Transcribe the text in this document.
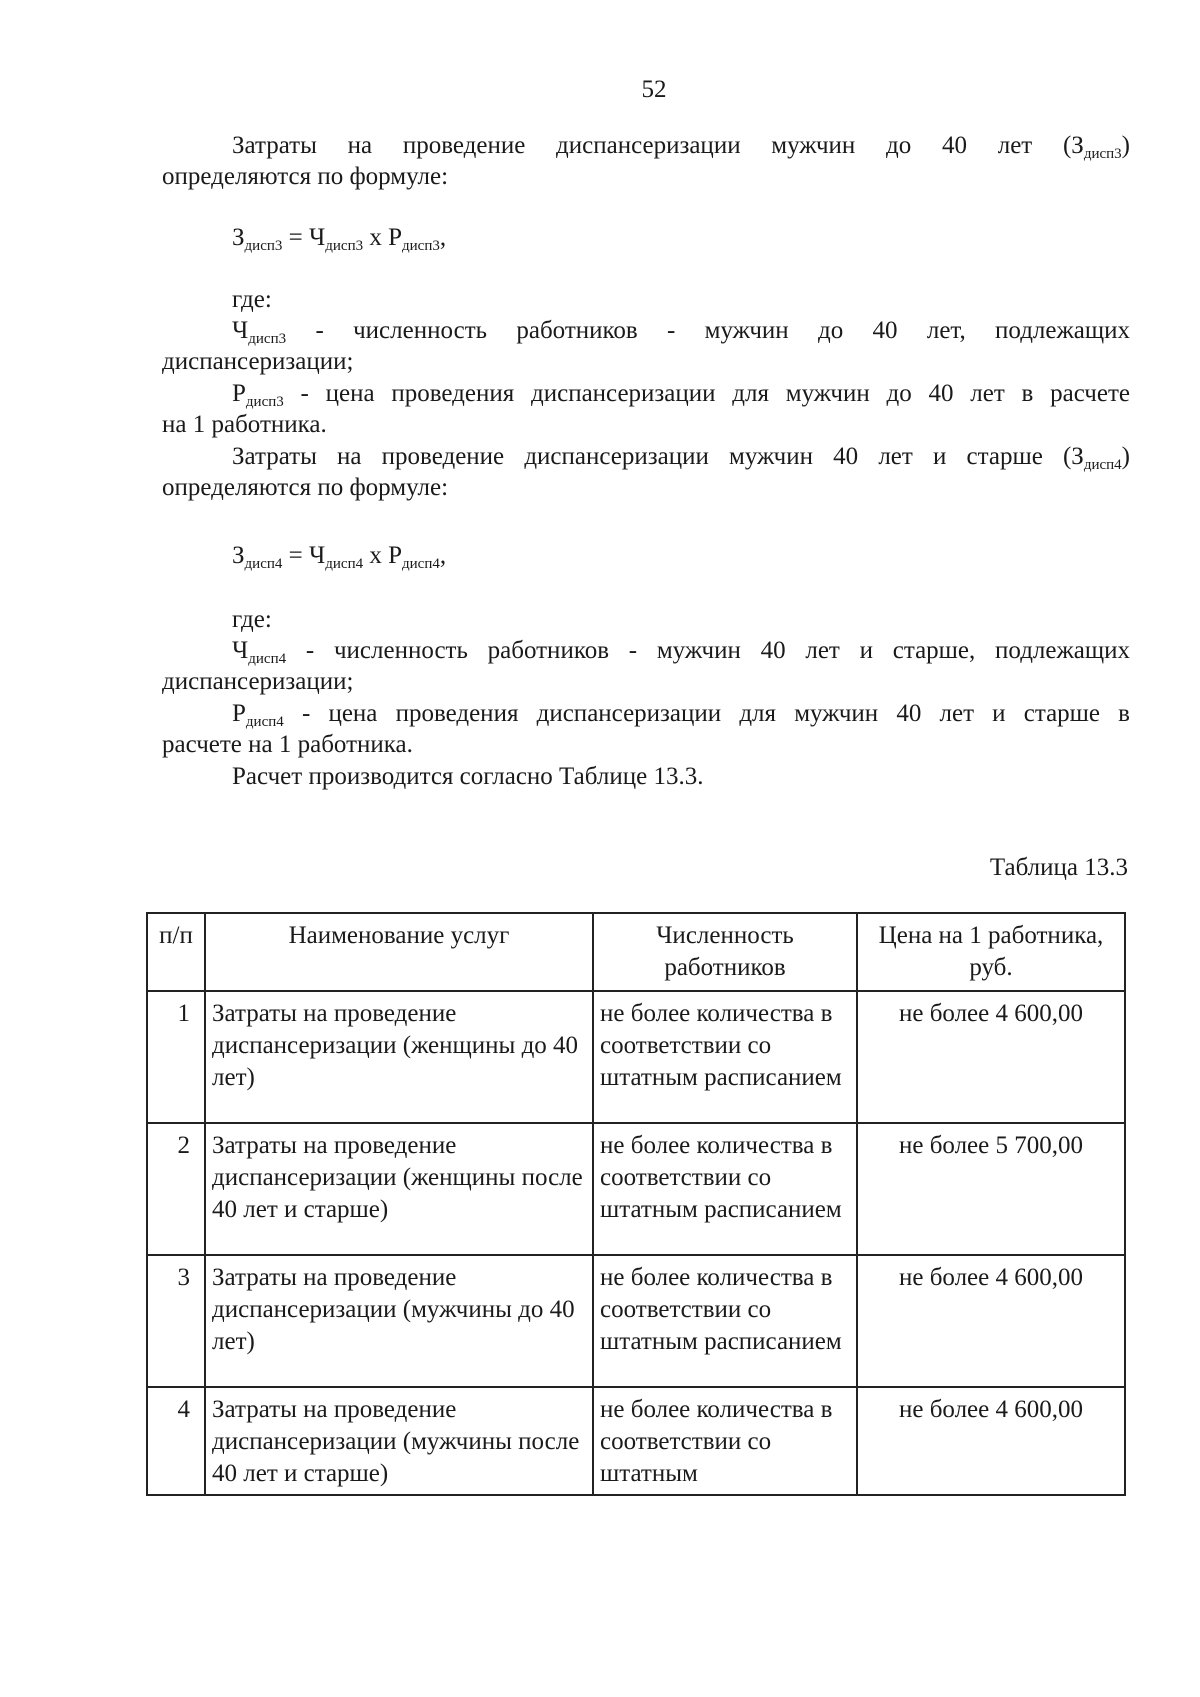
52
Затраты на проведение диспансеризации мужчин до 40 лет $(З_{дисп3})$
определяются по формуле:
$З_{дисп3} = Ч_{дисп3}$ х $Р_{дисп3}$,
где:
$Ч_{дисп3}$ - численность работников - мужчин до 40 лет, подлежащих
диспансеризации;
$Р_{дисп3}$ - цена проведения диспансеризации для мужчин до 40 лет в расчете
на 1 работника.
Затраты на проведение диспансеризации мужчин 40 лет и старше $(З_{дисп4})$
определяются по формуле:
$З_{дисп4} = Ч_{дисп4}$ х $Р_{дисп4}$,
где:
$Ч_{дисп4}$ - численность работников - мужчин 40 лет и старше, подлежащих
диспансеризации;
$Р_{дисп4}$ - цена проведения диспансеризации для мужчин 40 лет и старше в
расчете на 1 работника.
Расчет производится согласно Таблице 13.3.
Таблица 13.3
п/п	Наименование услуг	Численность работников	Цена на 1 работника, руб.
1	Затраты на проведение диспансеризации (женщины до 40 лет)	не более количества в соответствии со штатным расписанием	не более 4 600,00
2	Затраты на проведение диспансеризации (женщины после 40 лет и старше)	не более количества в соответствии со штатным расписанием	не более 5 700,00
3	Затраты на проведение диспансеризации (мужчины до 40 лет)	не более количества в соответствии со штатным расписанием	не более 4 600,00
4	Затраты на проведение диспансеризации (мужчины после 40 лет и старше)	не более количества в соответствии со штатным	не более 4 600,00
